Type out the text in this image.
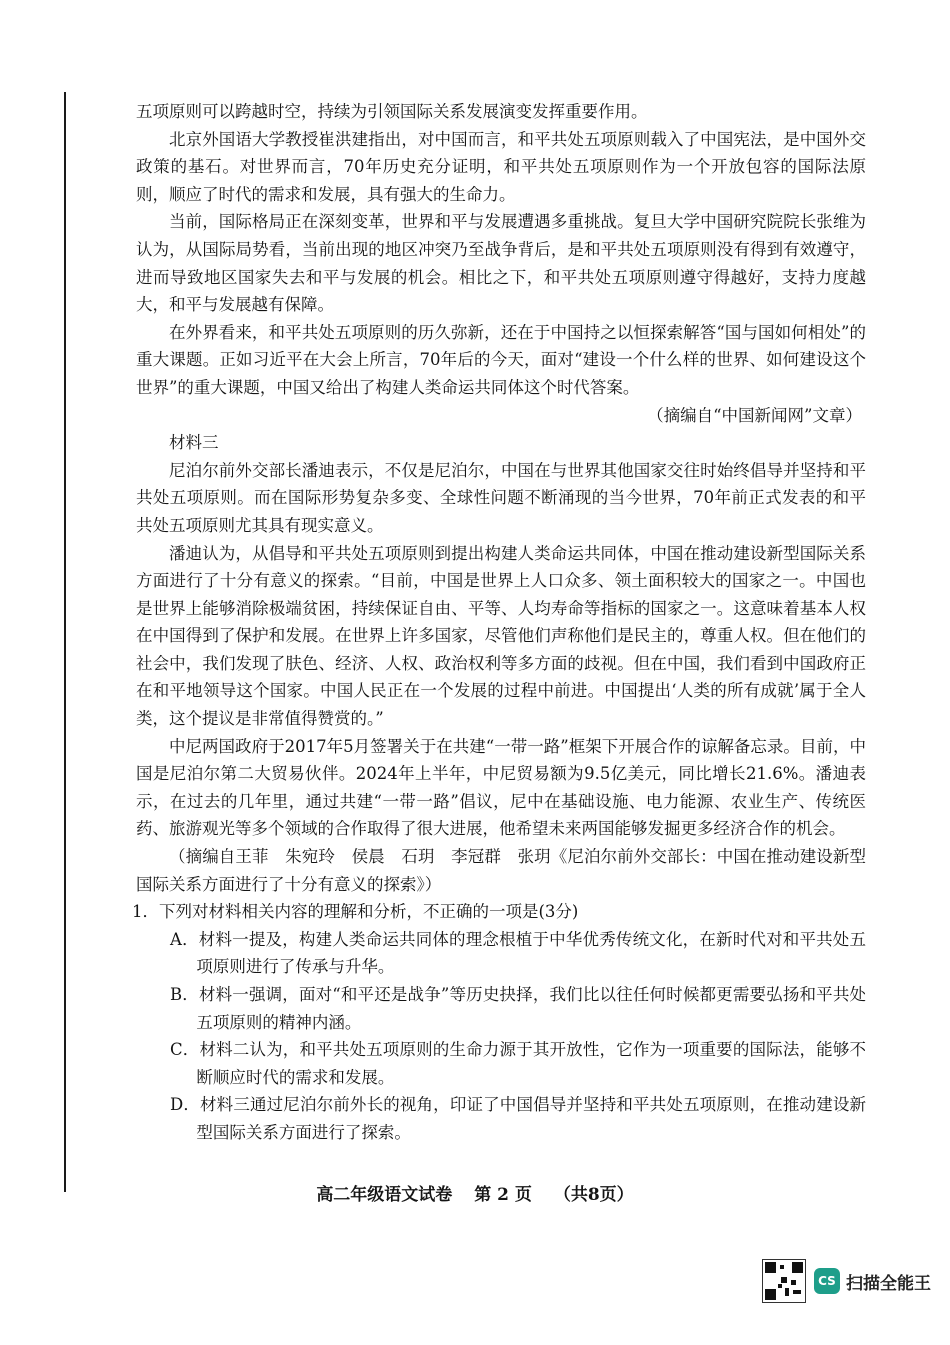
五项原则可以跨越时空，持续为引领国际关系发展演变发挥重要作用。

北京外国语大学教授崔洪建指出，对中国而言，和平共处五项原则载入了中国宪法，是中国外交政策的基石。对世界而言，70年历史充分证明，和平共处五项原则作为一个开放包容的国际法原则，顺应了时代的需求和发展，具有强大的生命力。

当前，国际格局正在深刻变革，世界和平与发展遭遇多重挑战。复旦大学中国研究院院长张维为认为，从国际局势看，当前出现的地区冲突乃至战争背后，是和平共处五项原则没有得到有效遵守，进而导致地区国家失去和平与发展的机会。相比之下，和平共处五项原则遵守得越好，支持力度越大，和平与发展越有保障。

在外界看来，和平共处五项原则的历久弥新，还在于中国持之以恒探索解答“国与国如何相处”的重大课题。正如习近平在大会上所言，70年后的今天，面对“建设一个什么样的世界、如何建设这个世界”的重大课题，中国又给出了构建人类命运共同体这个时代答案。

（摘编自“中国新闻网”文章）

材料三

尼泊尔前外交部长潘迪表示，不仅是尼泊尔，中国在与世界其他国家交往时始终倡导并坚持和平共处五项原则。而在国际形势复杂多变、全球性问题不断涌现的当今世界，70年前正式发表的和平共处五项原则尤其具有现实意义。

潘迪认为，从倡导和平共处五项原则到提出构建人类命运共同体，中国在推动建设新型国际关系方面进行了十分有意义的探索。“目前，中国是世界上人口众多、领土面积较大的国家之一。中国也是世界上能够消除极端贫困，持续保证自由、平等、人均寿命等指标的国家之一。这意味着基本人权在中国得到了保护和发展。在世界上许多国家，尽管他们声称他们是民主的，尊重人权。但在他们的社会中，我们发现了肤色、经济、人权、政治权利等多方面的歧视。但在中国，我们看到中国政府正在和平地领导这个国家。中国人民正在一个发展的过程中前进。中国提出‘人类的所有成就’属于全人类，这个提议是非常值得赞赏的。”

中尼两国政府于2017年5月签署关于在共建“一带一路”框架下开展合作的谅解备忘录。目前，中国是尼泊尔第二大贸易伙伴。2024年上半年，中尼贸易额为9.5亿美元，同比增长21.6%。潘迪表示，在过去的几年里，通过共建“一带一路”倡议，尼中在基础设施、电力能源、农业生产、传统医药、旅游观光等多个领域的合作取得了很大进展，他希望未来两国能够发掘更多经济合作的机会。

（摘编自王菲　朱宛玲　侯晨　石玥　李冠群　张玥《尼泊尔前外交部长：中国在推动建设新型国际关系方面进行了十分有意义的探索》）

1．下列对材料相关内容的理解和分析，不正确的一项是(3分)

A．材料一提及，构建人类命运共同体的理念根植于中华优秀传统文化，在新时代对和平共处五项原则进行了传承与升华。

B．材料一强调，面对“和平还是战争”等历史抉择，我们比以往任何时候都更需要弘扬和平共处五项原则的精神内涵。

C．材料二认为，和平共处五项原则的生命力源于其开放性，它作为一项重要的国际法，能够不断顺应时代的需求和发展。

D．材料三通过尼泊尔前外长的视角，印证了中国倡导并坚持和平共处五项原则，在推动建设新型国际关系方面进行了探索。

高二年级语文试卷 第 2 页 （共8页）
CS 扫描全能王
